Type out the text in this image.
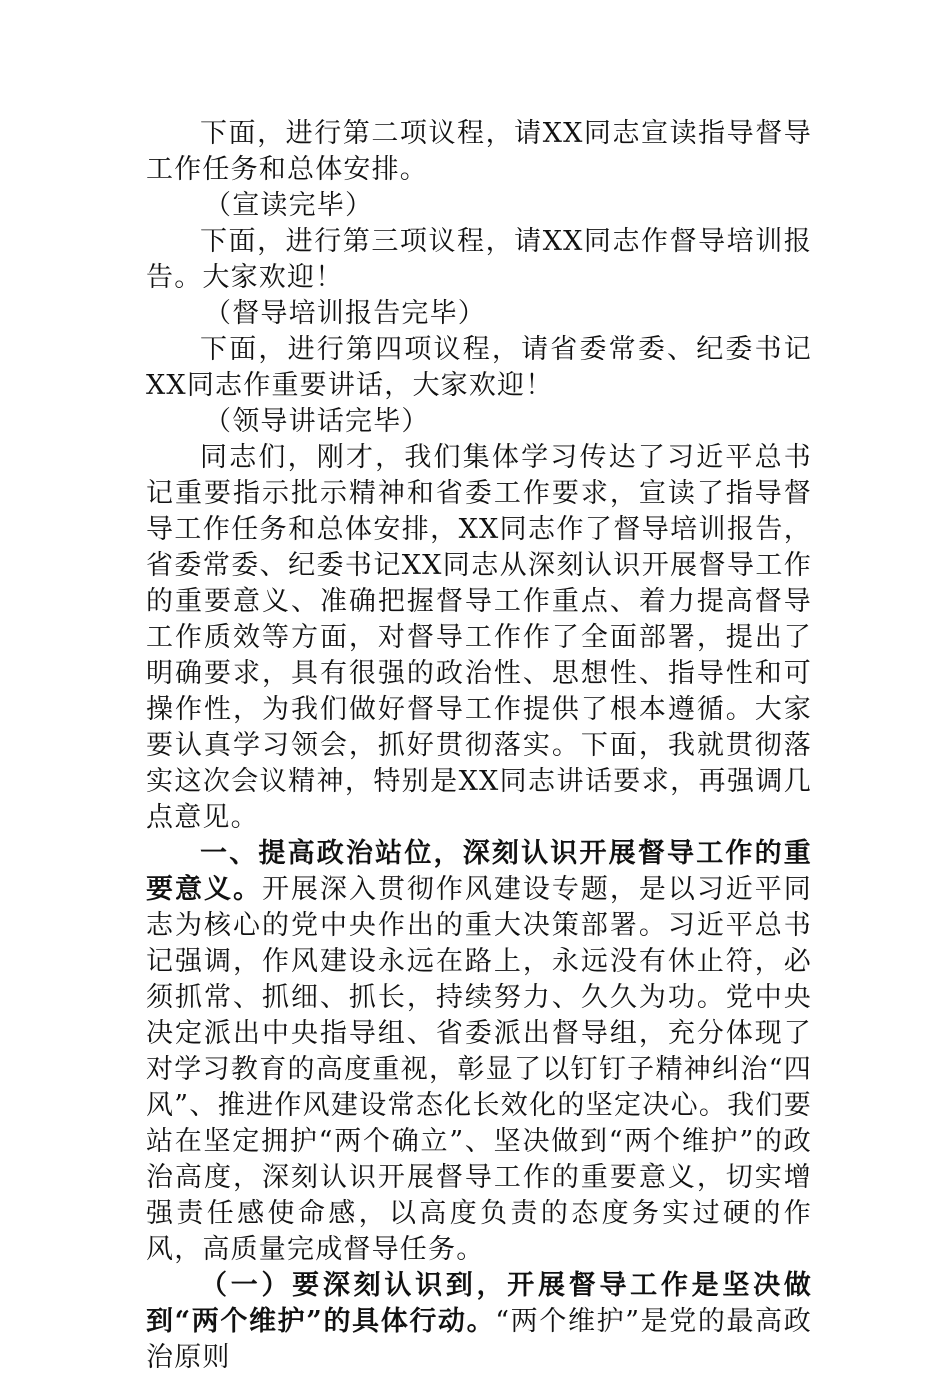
下面，进行第二项议程，请XX同志宣读指导督导工作任务和总体安排。

（宣读完毕）

下面，进行第三项议程，请XX同志作督导培训报告。大家欢迎！

（督导培训报告完毕）

下面，进行第四项议程，请省委常委、纪委书记XX同志作重要讲话，大家欢迎！

（领导讲话完毕）

同志们，刚才，我们集体学习传达了习近平总书记重要指示批示精神和省委工作要求，宣读了指导督导工作任务和总体安排，XX同志作了督导培训报告，省委常委、纪委书记XX同志从深刻认识开展督导工作的重要意义、准确把握督导工作重点、着力提高督导工作质效等方面，对督导工作作了全面部署，提出了明确要求，具有很强的政治性、思想性、指导性和可操作性，为我们做好督导工作提供了根本遵循。大家要认真学习领会，抓好贯彻落实。下面，我就贯彻落实这次会议精神，特别是XX同志讲话要求，再强调几点意见。

一、提高政治站位，深刻认识开展督导工作的重要意义。开展深入贯彻作风建设专题，是以习近平同志为核心的党中央作出的重大决策部署。习近平总书记强调，作风建设永远在路上，永远没有休止符，必须抓常、抓细、抓长，持续努力、久久为功。党中央决定派出中央指导组、省委派出督导组，充分体现了对学习教育的高度重视，彰显了以钉钉子精神纠治“四风”、推进作风建设常态化长效化的坚定决心。我们要站在坚定拥护“两个确立”、坚决做到“两个维护”的政治高度，深刻认识开展督导工作的重要意义，切实增强责任感使命感，以高度负责的态度务实过硬的作风，高质量完成督导任务。

（一）要深刻认识到，开展督导工作是坚决做到“两个维护”的具体行动。“两个维护”是党的最高政治原则
